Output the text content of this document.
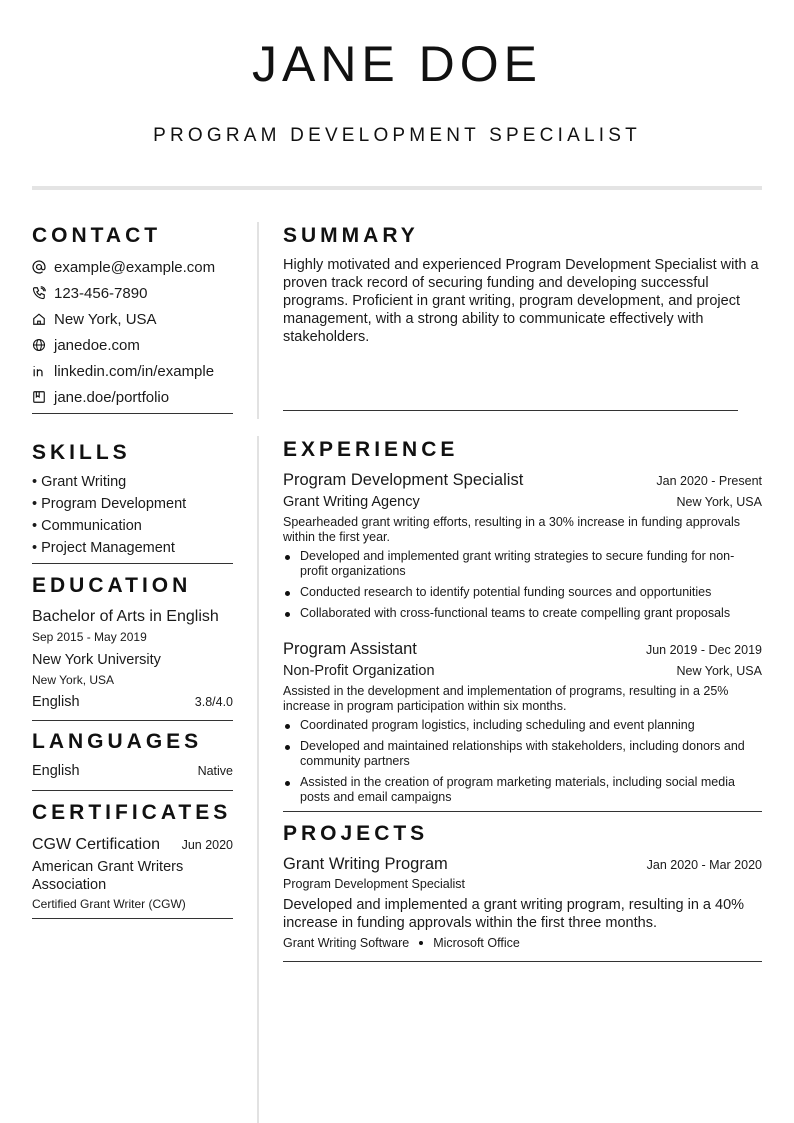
JANE DOE
PROGRAM DEVELOPMENT SPECIALIST
CONTACT
example@example.com
123-456-7890
New York, USA
janedoe.com
linkedin.com/in/example
jane.doe/portfolio
SKILLS
• Grant Writing
• Program Development
• Communication
• Project Management
EDUCATION
Bachelor of Arts in English
Sep 2015 - May 2019
New York University
New York, USA
English	3.8/4.0
LANGUAGES
English	Native
CERTIFICATES
CGW Certification Jun 2020
American Grant Writers Association
Certified Grant Writer (CGW)
SUMMARY
Highly motivated and experienced Program Development Specialist with a proven track record of securing funding and developing successful programs. Proficient in grant writing, program development, and project management, with a strong ability to communicate effectively with stakeholders.
EXPERIENCE
Program Development Specialist	Jan 2020 - Present
Grant Writing Agency	New York, USA
Spearheaded grant writing efforts, resulting in a 30% increase in funding approvals within the first year.
Developed and implemented grant writing strategies to secure funding for non-profit organizations
Conducted research to identify potential funding sources and opportunities
Collaborated with cross-functional teams to create compelling grant proposals
Program Assistant	Jun 2019 - Dec 2019
Non-Profit Organization	New York, USA
Assisted in the development and implementation of programs, resulting in a 25% increase in program participation within six months.
Coordinated program logistics, including scheduling and event planning
Developed and maintained relationships with stakeholders, including donors and community partners
Assisted in the creation of program marketing materials, including social media posts and email campaigns
PROJECTS
Grant Writing Program	Jan 2020 - Mar 2020
Program Development Specialist
Developed and implemented a grant writing program, resulting in a 40% increase in funding approvals within the first three months.
Grant Writing Software Microsoft Office
